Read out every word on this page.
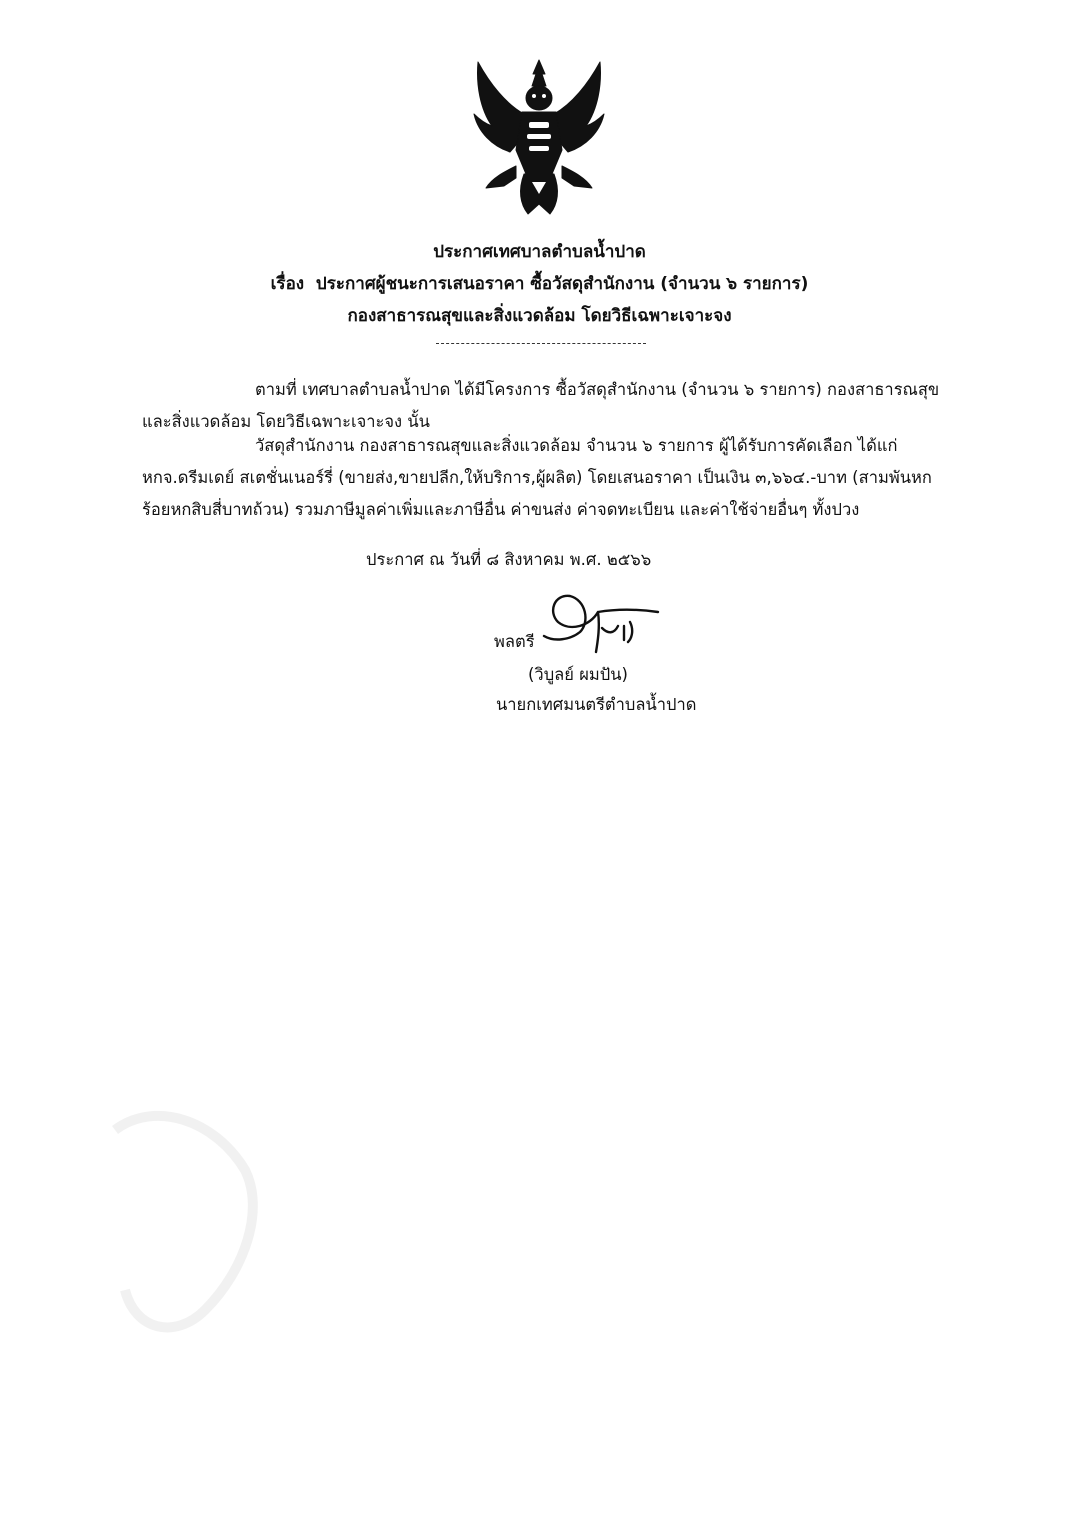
ประกาศเทศบาลตำบลน้ำปาด
เรื่อง ประกาศผู้ชนะการเสนอราคา ซื้อวัสดุสำนักงาน (จำนวน ๖ รายการ)
กองสาธารณสุขและสิ่งแวดล้อม โดยวิธีเฉพาะเจาะจง
ตามที่ เทศบาลตำบลน้ำปาด ได้มีโครงการ ซื้อวัสดุสำนักงาน (จำนวน ๖ รายการ) กองสาธารณสุข
และสิ่งแวดล้อม โดยวิธีเฉพาะเจาะจง นั้น
วัสดุสำนักงาน กองสาธารณสุขและสิ่งแวดล้อม จำนวน ๖ รายการ ผู้ได้รับการคัดเลือก ได้แก่
หกจ.ดรีมเดย์ สเตชั่นเนอร์รี่ (ขายส่ง,ขายปลีก,ให้บริการ,ผู้ผลิต) โดยเสนอราคา เป็นเงิน ๓,๖๖๔.-บาท (สามพันหก
ร้อยหกสิบสี่บาทถ้วน) รวมภาษีมูลค่าเพิ่มและภาษีอื่น ค่าขนส่ง ค่าจดทะเบียน และค่าใช้จ่ายอื่นๆ ทั้งปวง
ประกาศ ณ วันที่ ๘ สิงหาคม พ.ศ. ๒๕๖๖
พลตรี
(วิบูลย์ ผมปัน)
นายกเทศมนตรีตำบลน้ำปาด
